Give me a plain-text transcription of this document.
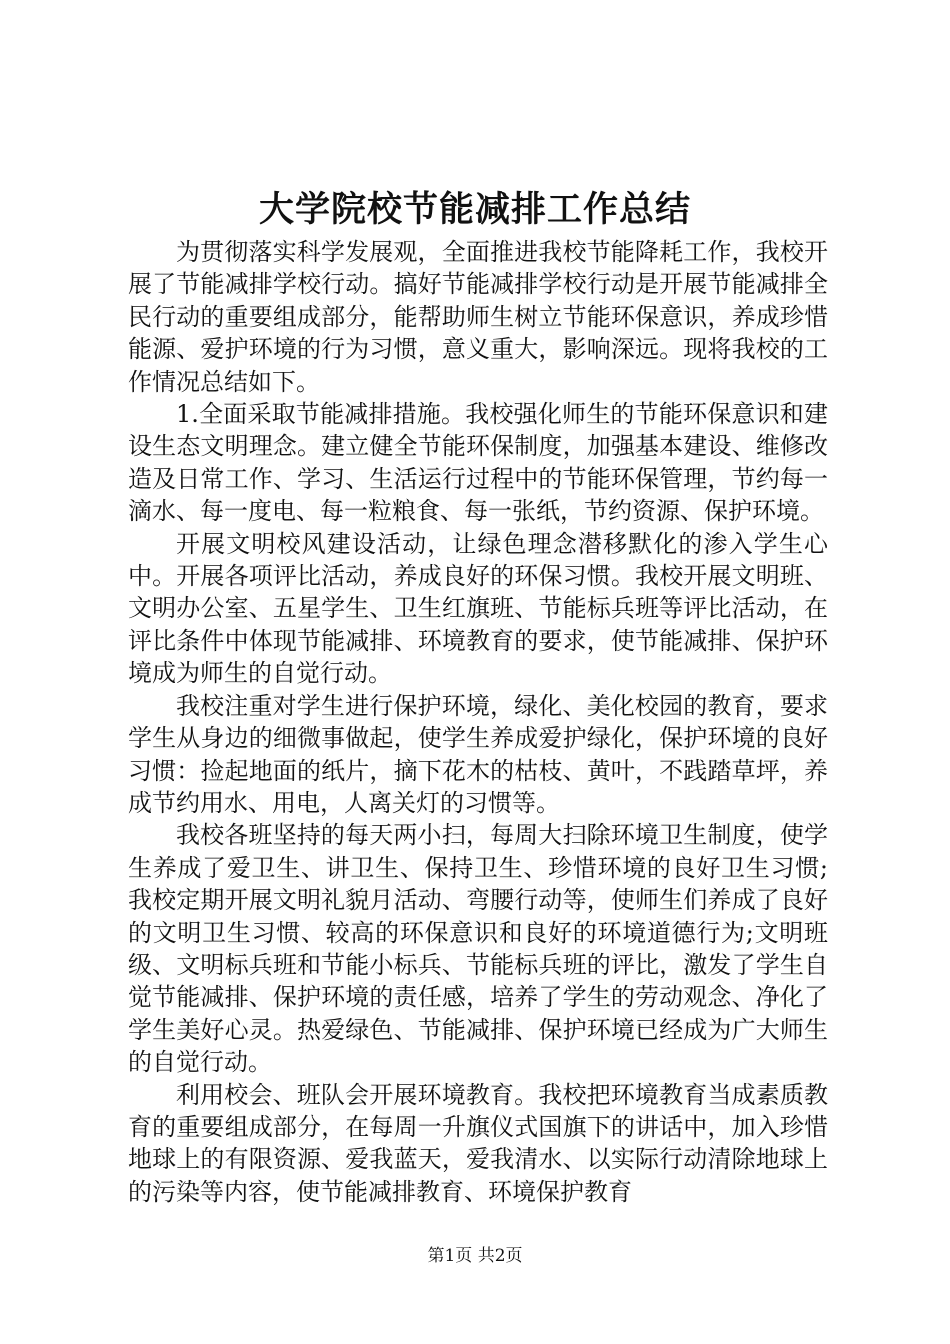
大学院校节能减排工作总结

为贯彻落实科学发展观，全面推进我校节能降耗工作，我校开展了节能减排学校行动。搞好节能减排学校行动是开展节能减排全民行动的重要组成部分，能帮助师生树立节能环保意识，养成珍惜能源、爱护环境的行为习惯，意义重大，影响深远。现将我校的工作情况总结如下。

1.全面采取节能减排措施。我校强化师生的节能环保意识和建设生态文明理念。建立健全节能环保制度，加强基本建设、维修改造及日常工作、学习、生活运行过程中的节能环保管理，节约每一滴水、每一度电、每一粒粮食、每一张纸，节约资源、保护环境。

开展文明校风建设活动，让绿色理念潜移默化的渗入学生心中。开展各项评比活动，养成良好的环保习惯。我校开展文明班、文明办公室、五星学生、卫生红旗班、节能标兵班等评比活动，在评比条件中体现节能减排、环境教育的要求，使节能减排、保护环境成为师生的自觉行动。

我校注重对学生进行保护环境，绿化、美化校园的教育，要求学生从身边的细微事做起，使学生养成爱护绿化，保护环境的良好习惯：捡起地面的纸片，摘下花木的枯枝、黄叶，不践踏草坪，养成节约用水、用电，人离关灯的习惯等。

我校各班坚持的每天两小扫，每周大扫除环境卫生制度，使学生养成了爱卫生、讲卫生、保持卫生、珍惜环境的良好卫生习惯;我校定期开展文明礼貌月活动、弯腰行动等，使师生们养成了良好的文明卫生习惯、较高的环保意识和良好的环境道德行为;文明班级、文明标兵班和节能小标兵、节能标兵班的评比，激发了学生自觉节能减排、保护环境的责任感，培养了学生的劳动观念、净化了学生美好心灵。热爱绿色、节能减排、保护环境已经成为广大师生的自觉行动。

利用校会、班队会开展环境教育。我校把环境教育当成素质教育的重要组成部分，在每周一升旗仪式国旗下的讲话中，加入珍惜地球上的有限资源、爱我蓝天，爱我清水、以实际行动清除地球上的污染等内容，使节能减排教育、环境保护教育

第1页 共2页
